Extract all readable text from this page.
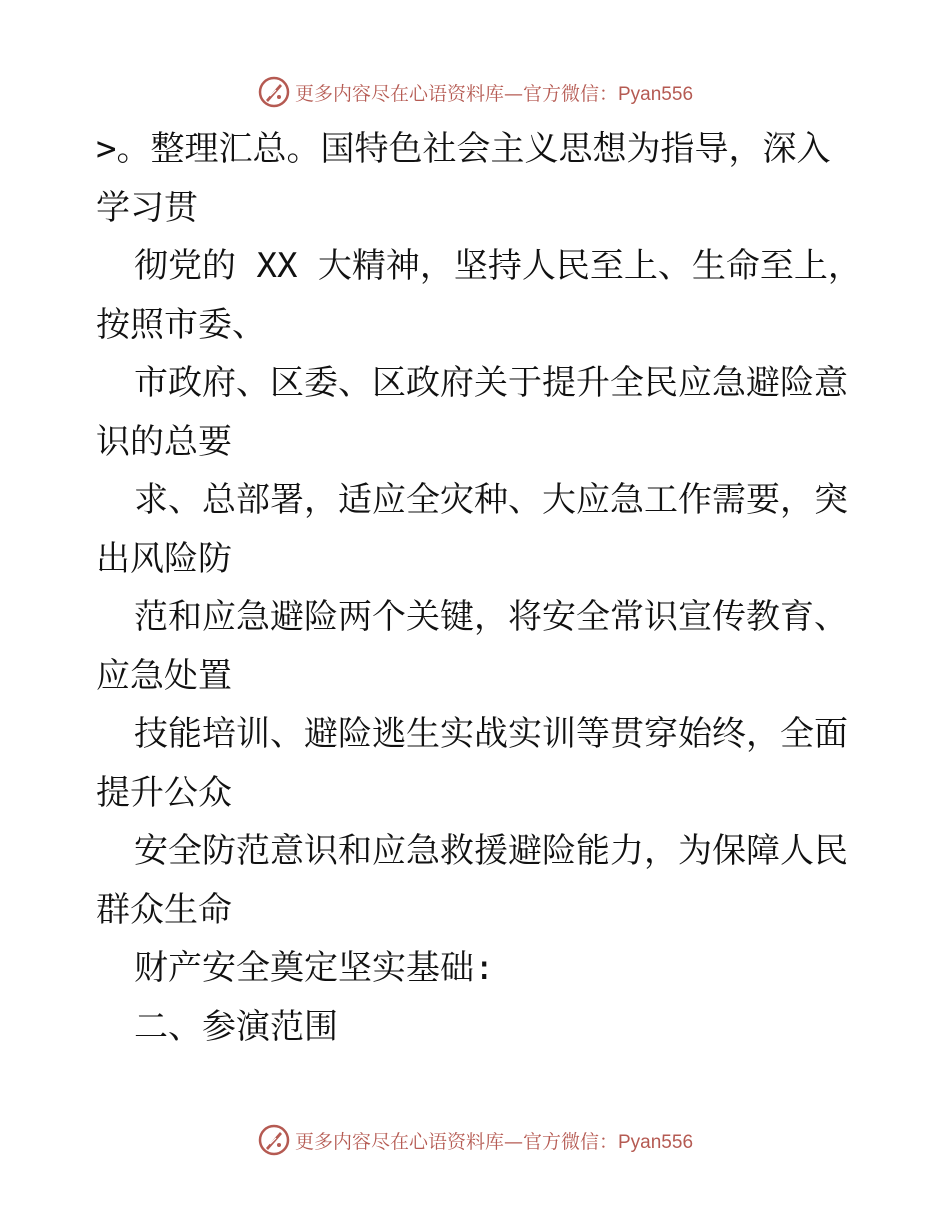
更多内容尽在心语资料库—官方微信：Pyan556
>。整理汇总。国特色社会主义思想为指导，深入
学习贯
彻党的 XX 大精神，坚持人民至上、生命至上，
按照市委、
市政府、区委、区政府关于提升全民应急避险意
识的总要
求、总部署，适应全灾种、大应急工作需要，突
出风险防
范和应急避险两个关键，将安全常识宣传教育、
应急处置
技能培训、避险逃生实战实训等贯穿始终，全面
提升公众
安全防范意识和应急救援避险能力，为保障人民
群众生命
财产安全奠定坚实基础:
二、参演范围
更多内容尽在心语资料库—官方微信：Pyan556
